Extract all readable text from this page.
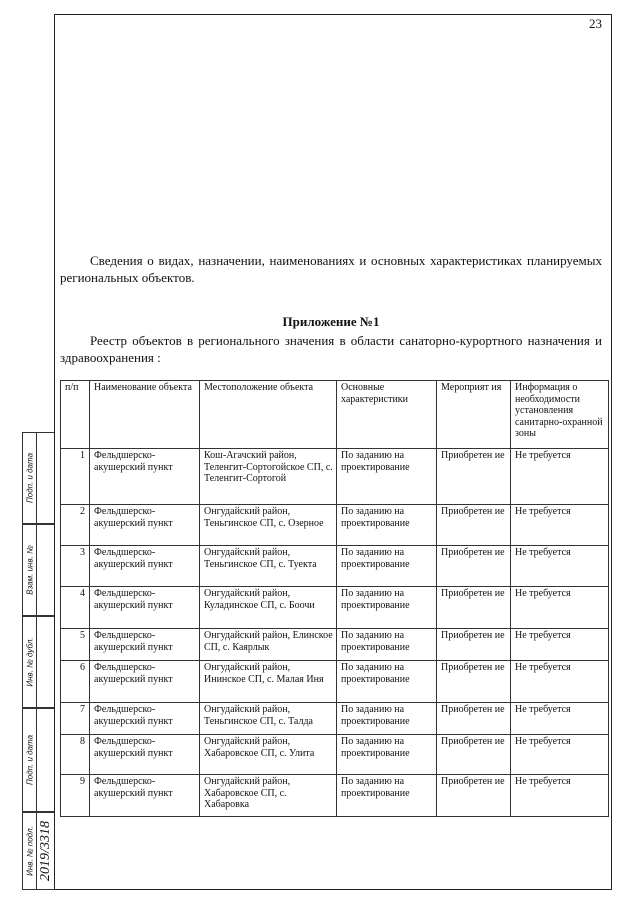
23

Сведения о видах, назначении, наименованиях и основных характеристиках планируемых региональных объектов.

Приложение №1

Реестр объектов в регионального значения в области санаторно-курортного назначения и здравоохранения :

п/п	Наименование объекта	Местоположение объекта	Основные характеристики	Мероприят ия	Информация о необходимости установления санитарно-охранной зоны
1	Фельдшерско-акушерский пункт	Кош-Агачский район, Теленгит-Сортогойское СП, с. Теленгит-Сортогой	По заданию на проектирование	Приобретен ие	Не требуется
2	Фельдшерско-акушерский пункт	Онгудайский район, Теньгинское СП, с. Озерное	По заданию на проектирование	Приобретен ие	Не требуется
3	Фельдшерско-акушерский пункт	Онгудайский район, Теньгинское СП, с. Туекта	По заданию на проектирование	Приобретен ие	Не требуется
4	Фельдшерско-акушерский пункт	Онгудайский район, Куладинское СП, с. Боочи	По заданию на проектирование	Приобретен ие	Не требуется
5	Фельдшерско-акушерский пункт	Онгудайский район, Елинское СП, с. Каярлык	По заданию на проектирование	Приобретен ие	Не требуется
6	Фельдшерско-акушерский пункт	Онгудайский район, Ининское СП, с. Малая Иня	По заданию на проектирование	Приобретен ие	Не требуется
7	Фельдшерско-акушерский пункт	Онгудайский район, Теньгинское СП, с. Талда	По заданию на проектирование	Приобретен ие	Не требуется
8	Фельдшерско-акушерский пункт	Онгудайский район, Хабаровское СП, с. Улита	По заданию на проектирование	Приобретен ие	Не требуется
9	Фельдшерско-акушерский пункт	Онгудайский район, Хабаровское СП, с. Хабаровка	По заданию на проектирование	Приобретен ие	Не требуется
Подп. и дата
Взам. инв. №
Инв. № дубл.
Подп. и дата
Инв. № подл. 2019/3318
